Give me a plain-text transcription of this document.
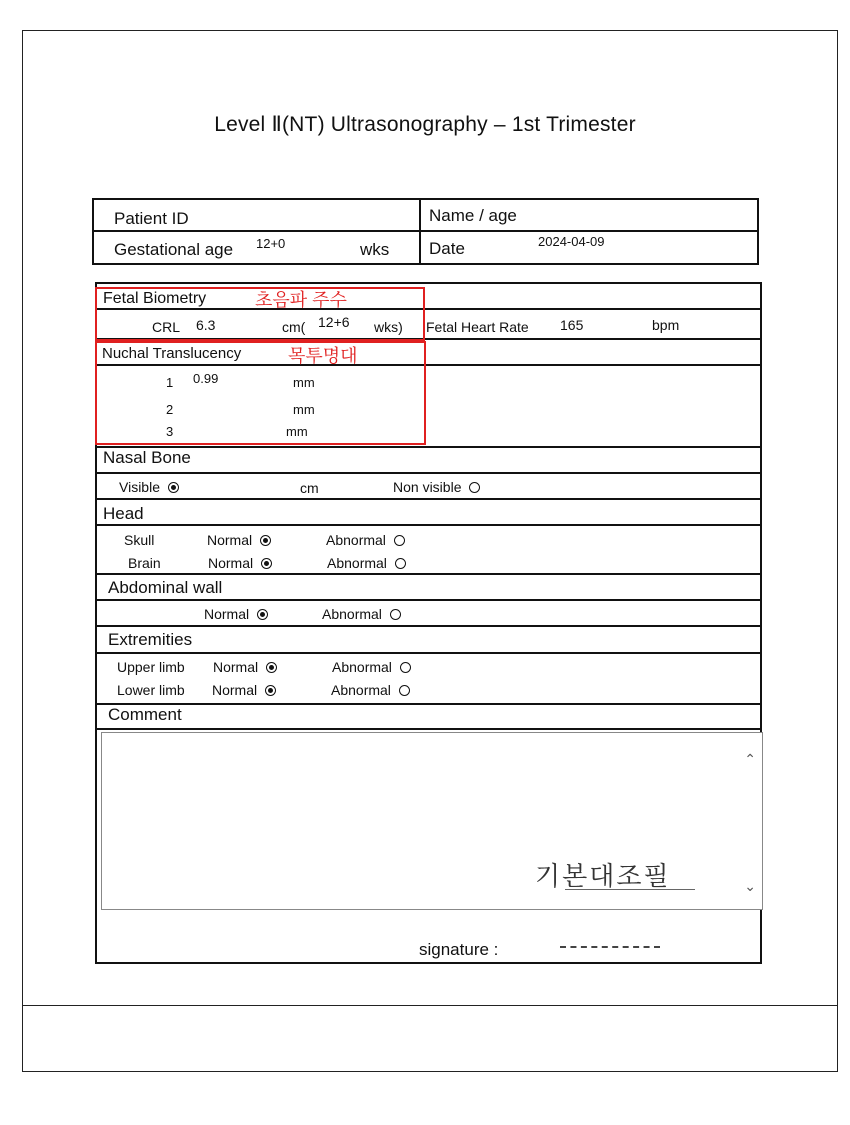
Level Ⅱ(NT) Ultrasonography – 1st Trimester
Patient ID	Name / age
Gestational age 12+0	wks Date	2024-04-09
Fetal Biometry	초음파 주수
CRL 6.3	cm( 12+6 wks) Fetal Heart Rate 165	bpm
Nuchal Translucency	목투명대
1 0.99	mm
2	mm
3	mm
Nasal Bone
Visible	cm	Non visible
Head
Skull	Normal	Abnormal
Brain	Normal	Abnormal
Abdominal wall
Normal	Abnormal
Extremities
Upper limb Normal	Abnormal
Lower limb Normal	Abnormal
Comment
⌃
⌄
기본대조필
signature :
